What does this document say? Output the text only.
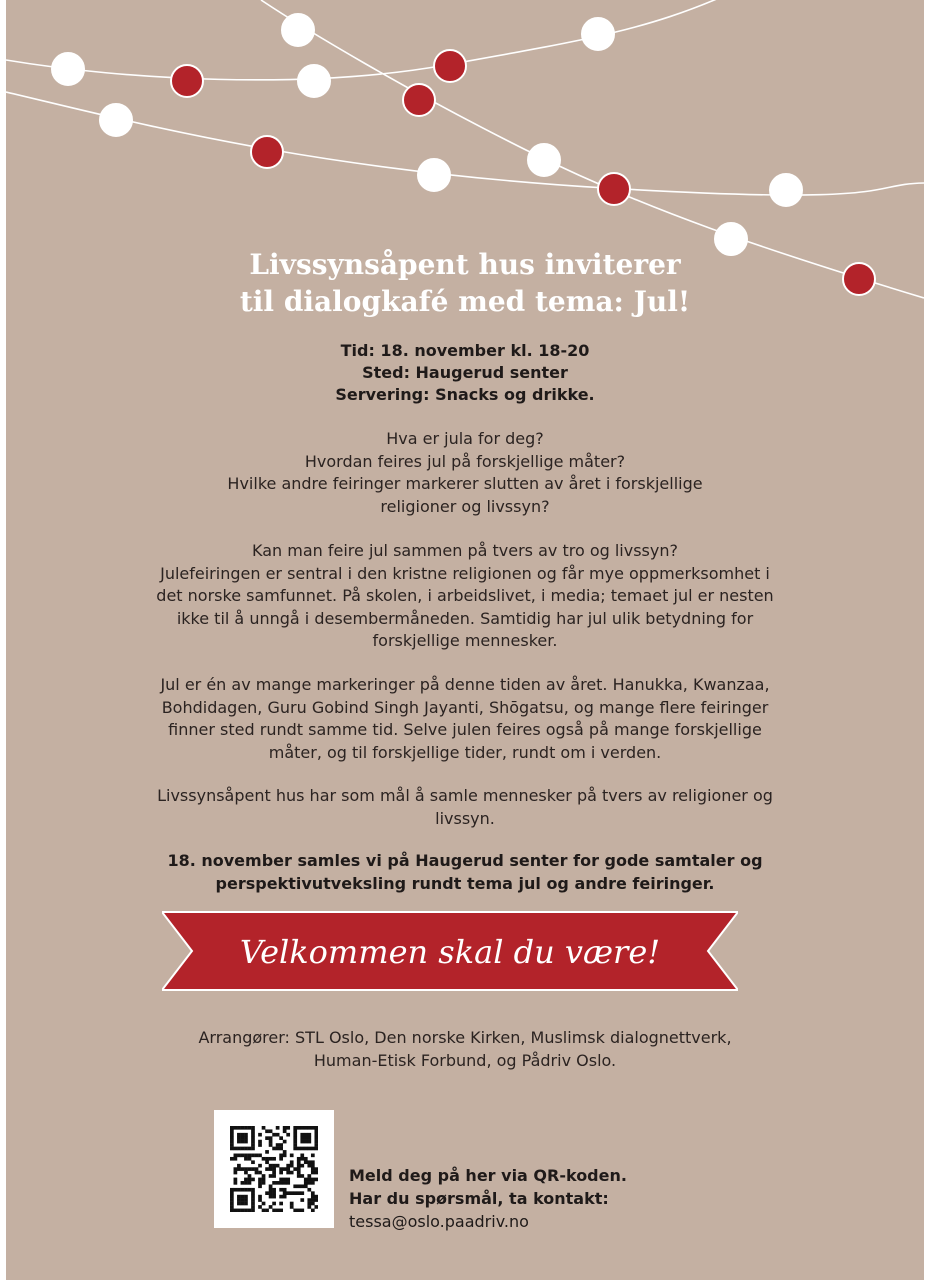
Livssynsåpent hus inviterer
til dialogkafé med tema: Jul!
Tid: 18. november kl. 18-20
Sted: Haugerud senter
Servering: Snacks og drikke.
Hva er jula for deg?
Hvordan feires jul på forskjellige måter?
Hvilke andre feiringer markerer slutten av året i forskjellige
religioner og livssyn?
Kan man feire jul sammen på tvers av tro og livssyn?
Julefeiringen er sentral i den kristne religionen og får mye oppmerksomhet i
det norske samfunnet. På skolen, i arbeidslivet, i media; temaet jul er nesten
ikke til å unngå i desembermåneden. Samtidig har jul ulik betydning for
forskjellige mennesker.
Jul er én av mange markeringer på denne tiden av året. Hanukka, Kwanzaa,
Bohdidagen, Guru Gobind Singh Jayanti, Shōgatsu, og mange flere feiringer
finner sted rundt samme tid. Selve julen feires også på mange forskjellige
måter, og til forskjellige tider, rundt om i verden.
Livssynsåpent hus har som mål å samle mennesker på tvers av religioner og
livssyn.
18. november samles vi på Haugerud senter for gode samtaler og
perspektivutveksling rundt tema jul og andre feiringer.
Velkommen skal du være!
Arrangører: STL Oslo, Den norske Kirken, Muslimsk dialognettverk,
Human-Etisk Forbund, og Pådriv Oslo.
Meld deg på her via QR-koden.
Har du spørsmål, ta kontakt:
tessa@oslo.paadriv.no
